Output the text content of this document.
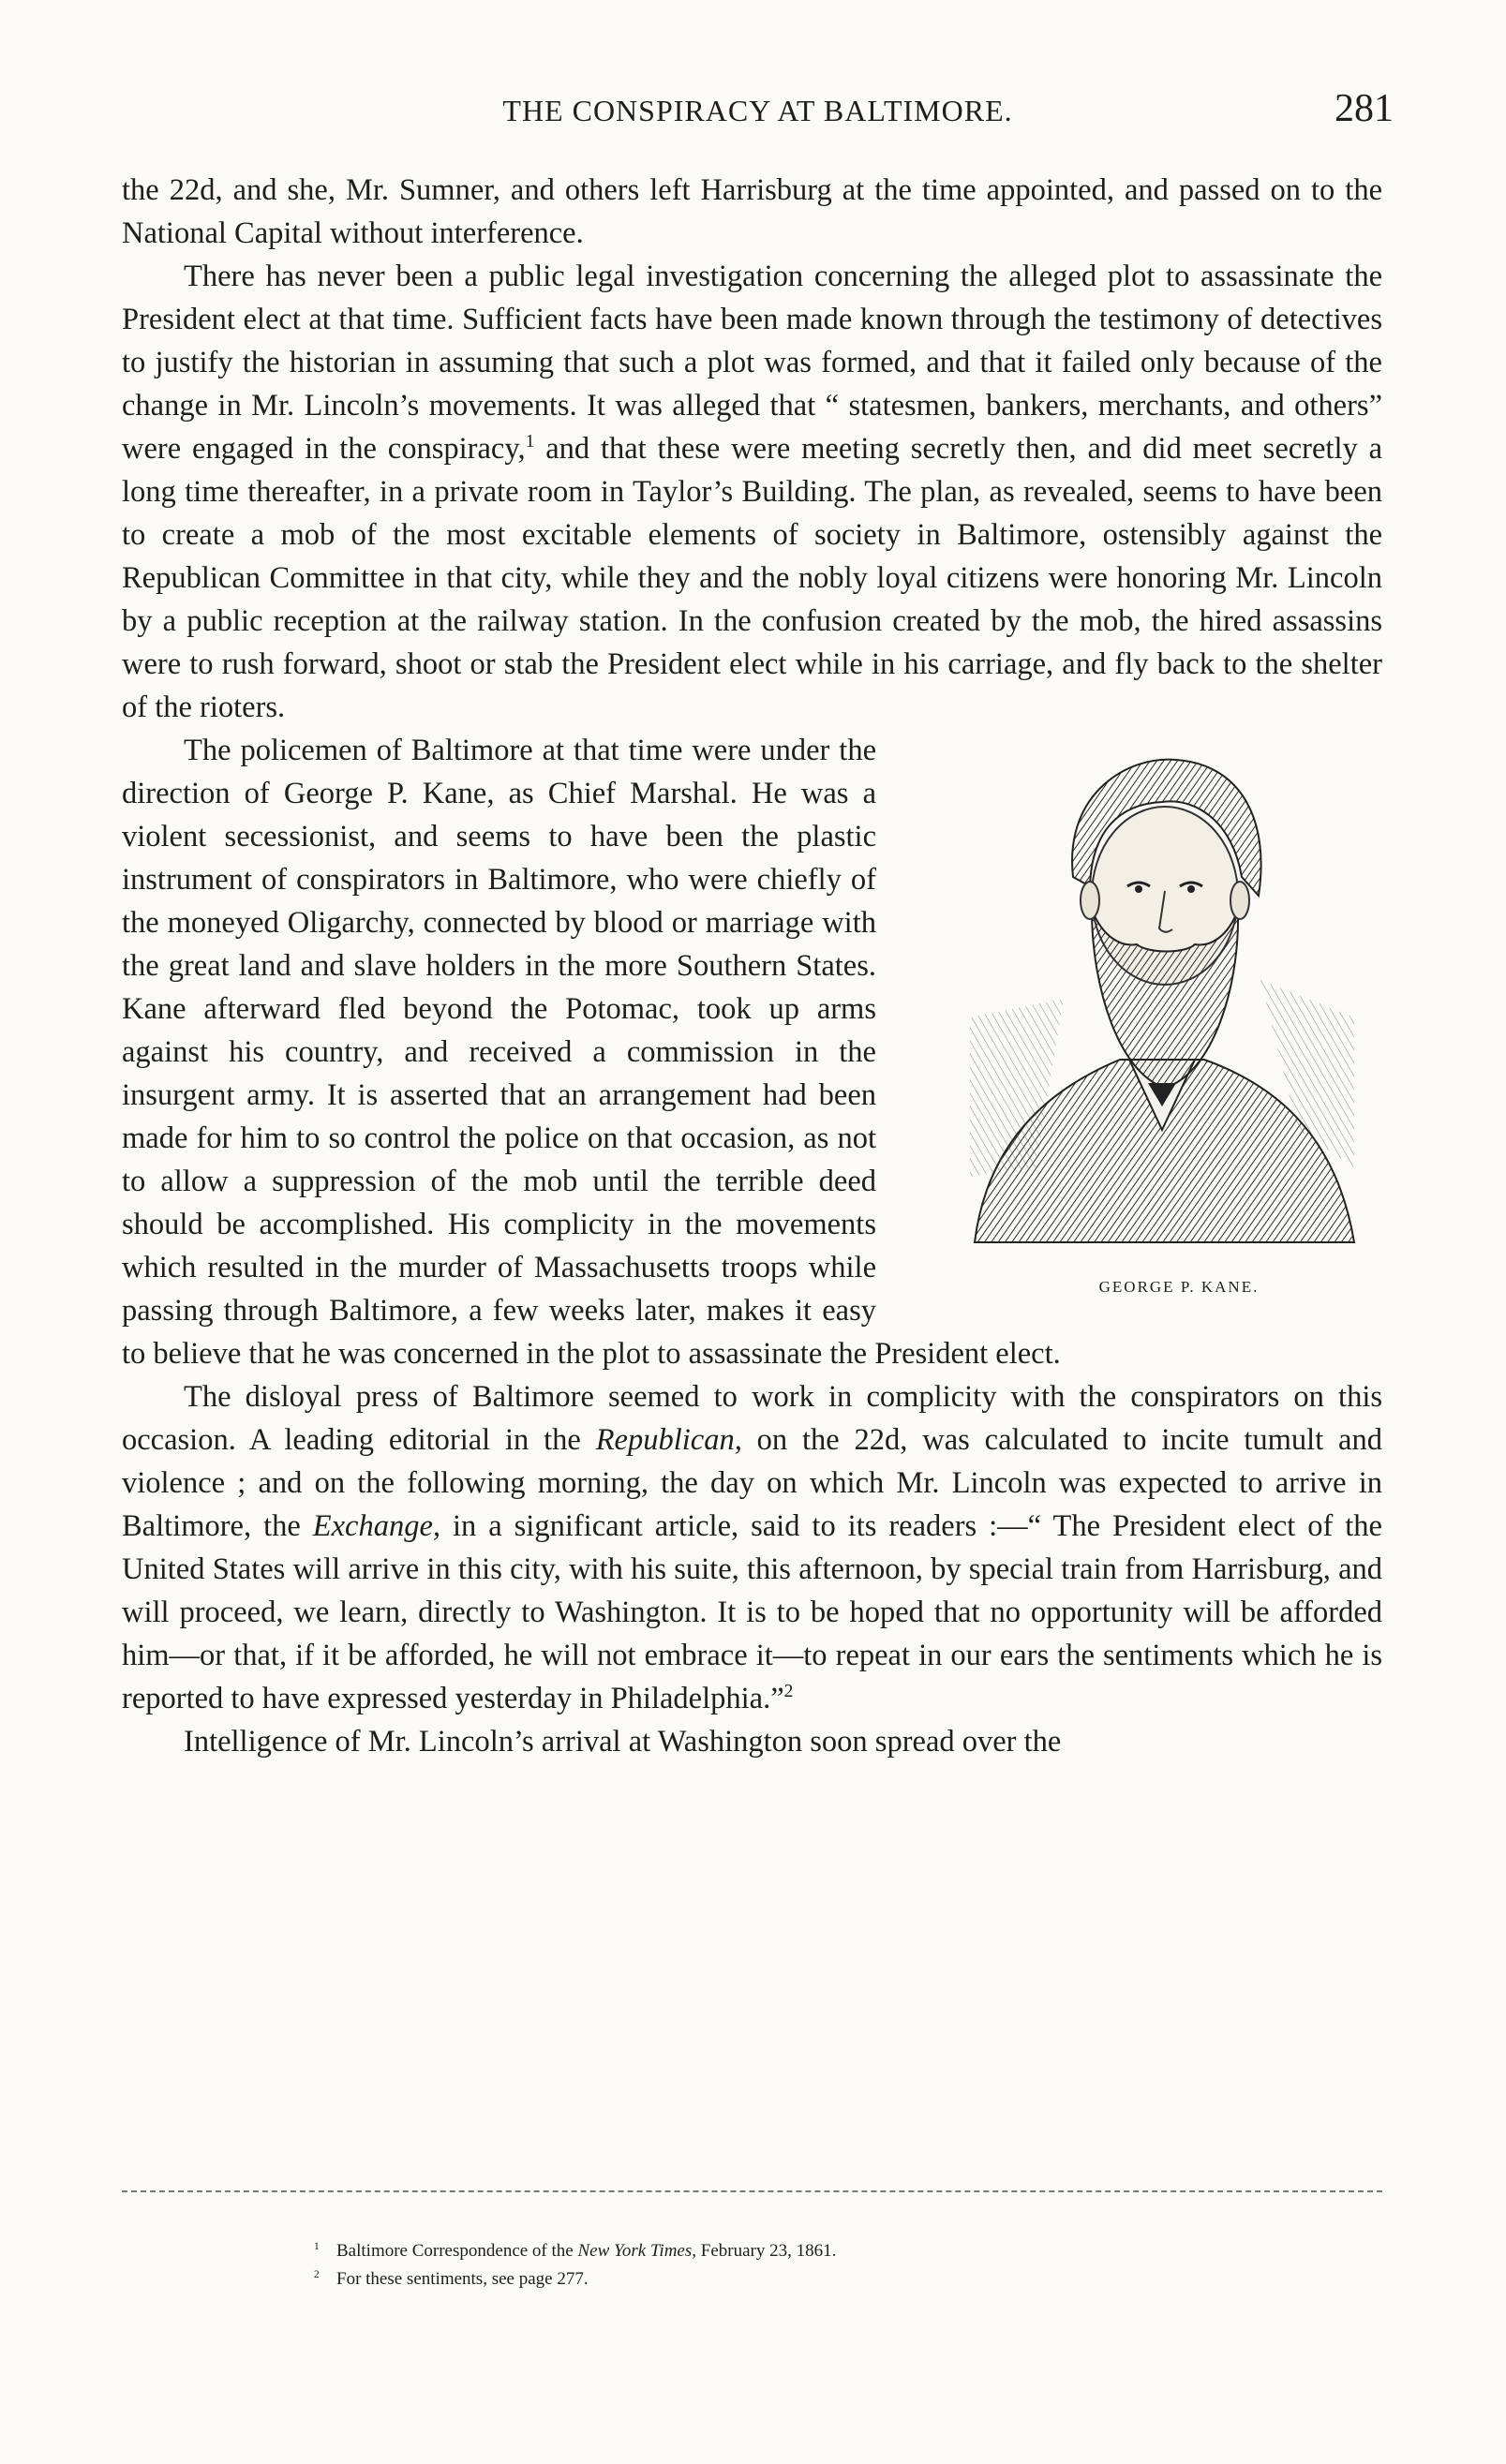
THE CONSPIRACY AT BALTIMORE.	281

the 22d, and she, Mr. Sumner, and others left Harrisburg at the time appointed, and passed on to the National Capital without interference.

There has never been a public legal investigation concerning the alleged plot to assassinate the President elect at that time. Sufficient facts have been made known through the testimony of detectives to justify the historian in assuming that such a plot was formed, and that it failed only because of the change in Mr. Lincoln’s movements. It was alleged that “ statesmen, bankers, merchants, and others” were engaged in the conspiracy,$^1$ and that these were meeting secretly then, and did meet secretly a long time thereafter, in a private room in Taylor’s Building. The plan, as revealed, seems to have been to create a mob of the most excitable elements of society in Baltimore, ostensibly against the Republican Committee in that city, while they and the nobly loyal citizens were honoring Mr. Lincoln by a public reception at the railway station. In the confusion created by the mob, the hired assassins were to rush forward, shoot or stab the President elect while in his carriage, and fly back to the shelter of the rioters.

GEORGE P. KANE.
The policemen of Baltimore at that time were under the direction of George P. Kane, as Chief Marshal. He was a violent secessionist, and seems to have been the plastic instrument of conspirators in Baltimore, who were chiefly of the moneyed Oligarchy, connected by blood or marriage with the great land and slave holders in the more Southern States. Kane afterward fled beyond the Potomac, took up arms against his country, and received a commission in the insurgent army. It is asserted that an arrangement had been made for him to so control the police on that occasion, as not to allow a suppression of the mob until the terrible deed should be accomplished. His complicity in the movements which resulted in the murder of Massachusetts troops while passing through Baltimore, a few weeks later, makes it easy to believe that he was concerned in the plot to assassinate the President elect.

The disloyal press of Baltimore seemed to work in complicity with the conspirators on this occasion. A leading editorial in the Republican, on the 22d, was calculated to incite tumult and violence ; and on the following morning, the day on which Mr. Lincoln was expected to arrive in Baltimore, the Exchange, in a significant article, said to its readers :—“ The President elect of the United States will arrive in this city, with his suite, this afternoon, by special train from Harrisburg, and will proceed, we learn, directly to Washington. It is to be hoped that no opportunity will be afforded him—or that, if it be afforded, he will not embrace it—to repeat in our ears the sentiments which he is reported to have expressed yesterday in Philadelphia.”$^2$

Intelligence of Mr. Lincoln’s arrival at Washington soon spread over the

$^1$ Baltimore Correspondence of the New York Times, February 23, 1861.

$^2$ For these sentiments, see page 277.
